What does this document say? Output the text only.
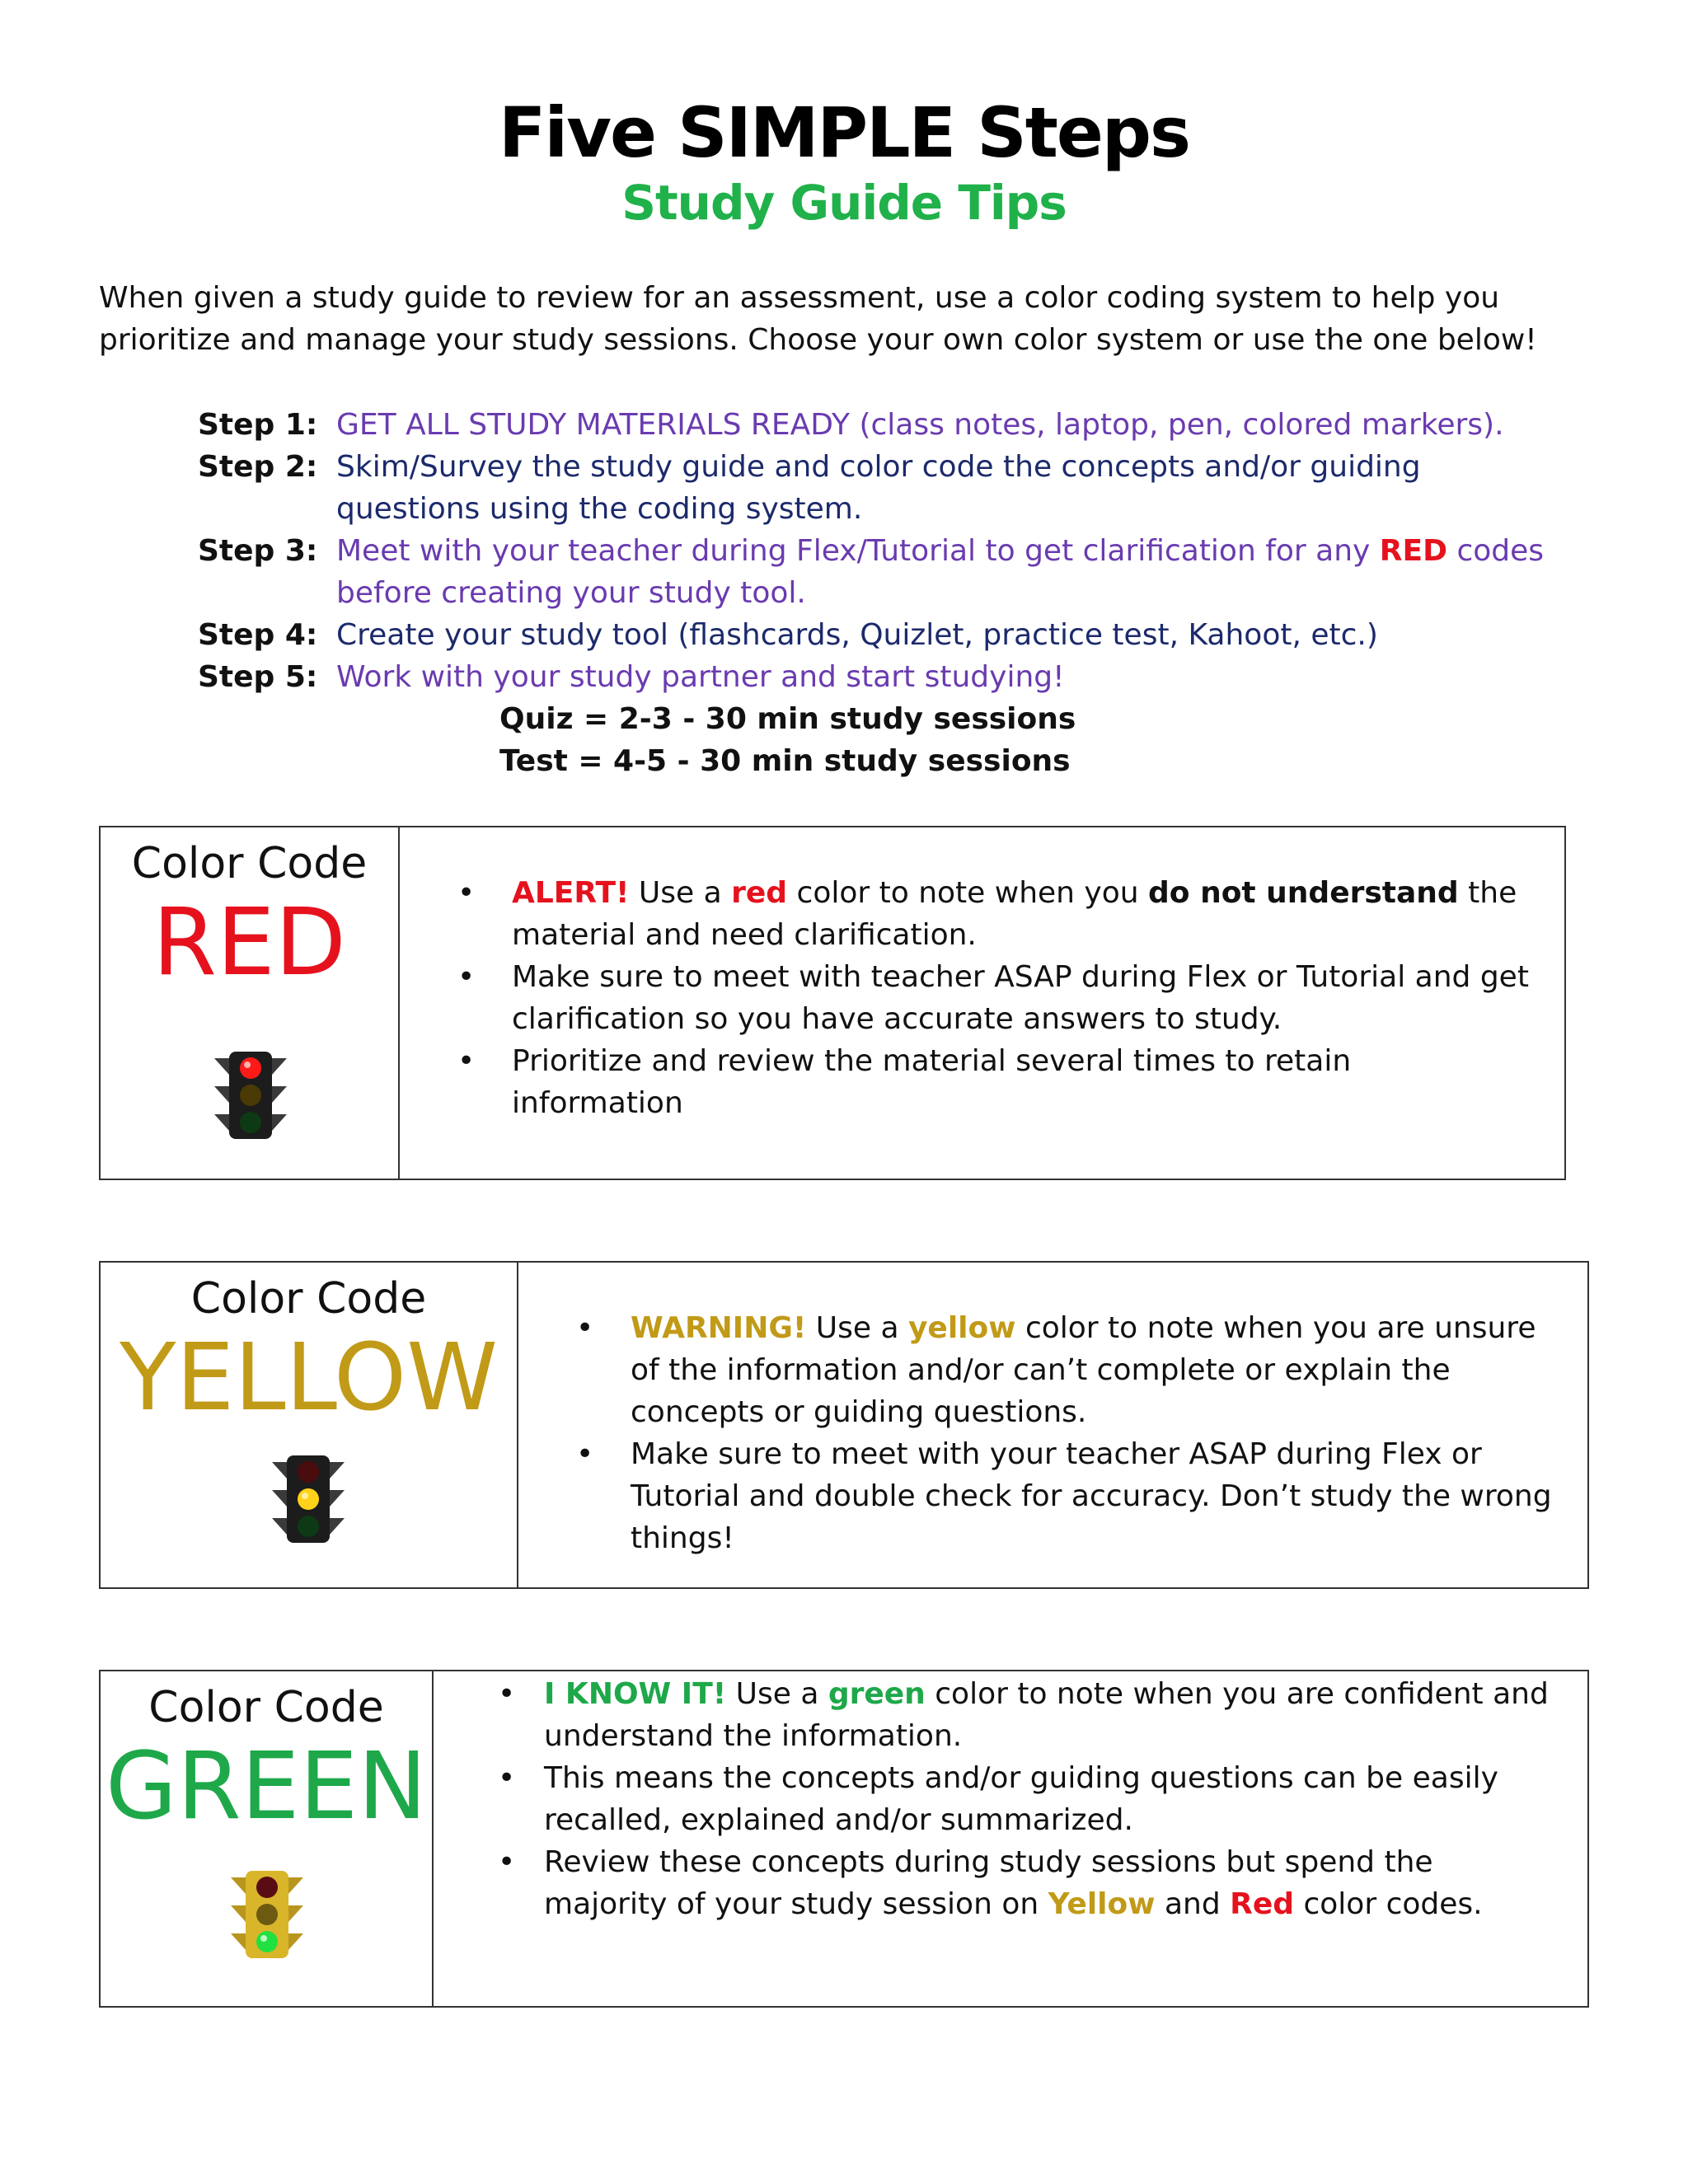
Five SIMPLE Steps
Study Guide Tips
When given a study guide to review for an assessment, use a color coding system to help you prioritize and manage your study sessions. Choose your own color system or use the one below!
Step 1: GET ALL STUDY MATERIALS READY (class notes, laptop, pen, colored markers).
Step 2: Skim/Survey the study guide and color code the concepts and/or guiding questions using the coding system.
Step 3: Meet with your teacher during Flex/Tutorial to get clarification for any RED codes before creating your study tool.
Step 4: Create your study tool (flashcards, Quizlet, practice test, Kahoot, etc.)
Step 5: Work with your study partner and start studying!
Quiz = 2-3 - 30 min study sessions
Test = 4-5 - 30 min study sessions
Color Code
RED	• ALERT! Use a red color to note when you do not understand the material and need clarification.
• Make sure to meet with teacher ASAP during Flex or Tutorial and get clarification so you have accurate answers to study.
• Prioritize and review the material several times to retain information
Color Code
YELLOW	• WARNING! Use a yellow color to note when you are unsure of the information and/or can’t complete or explain the concepts or guiding questions.
• Make sure to meet with your teacher ASAP during Flex or Tutorial and double check for accuracy. Don’t study the wrong things!
Color Code
GREEN
• I KNOW IT! Use a green color to note when you are confident and understand the information.
• This means the concepts and/or guiding questions can be easily recalled, explained and/or summarized.
• Review these concepts during study sessions but spend the majority of your study session on Yellow and Red color codes.
